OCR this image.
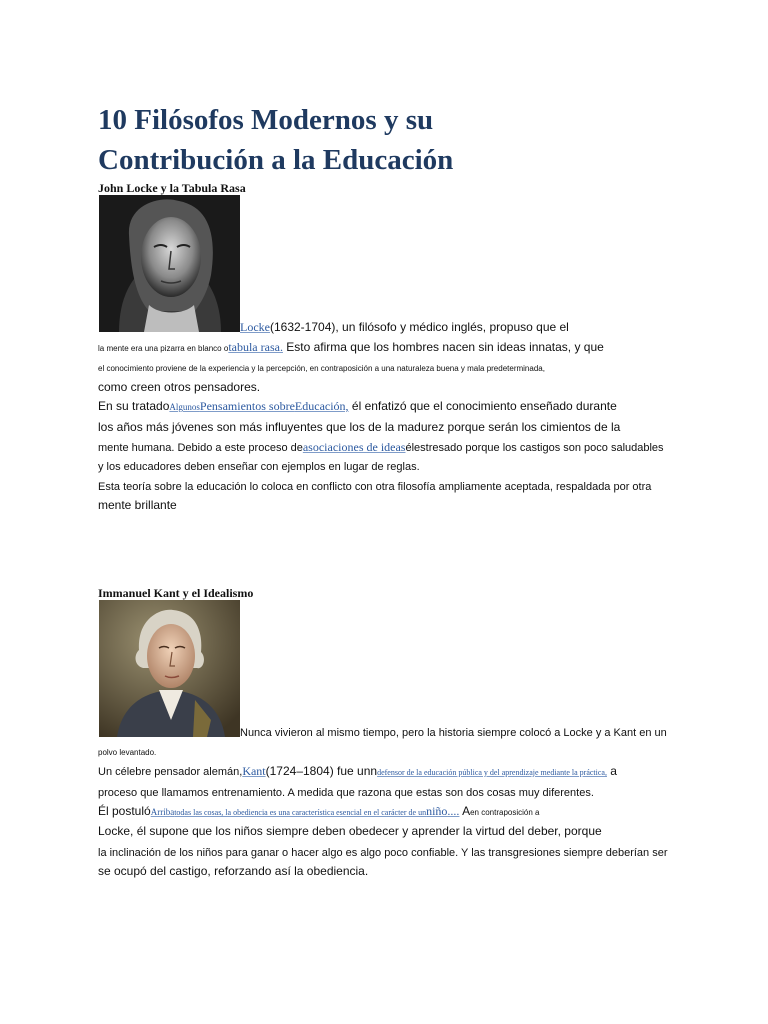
10 Filósofos Modernos y su
Contribución a la Educación
John Locke y la Tabula Rasa
Locke(1632-1704), un filósofo y médico inglés, propuso que el
la mente era una pizarra en blanco otabula rasa. Esto afirma que los hombres nacen sin ideas innatas, y que
el conocimiento proviene de la experiencia y la percepción, en contraposición a una naturaleza buena y mala predeterminada,
como creen otros pensadores.
En su tratadoAlgunosPensamientos sobreEducación, él enfatizó que el conocimiento enseñado durante
los años más jóvenes son más influyentes que los de la madurez porque serán los cimientos de la
mente humana. Debido a este proceso deasociaciones de ideasélestresado porque los castigos son poco saludables
y los educadores deben enseñar con ejemplos en lugar de reglas.
Esta teoría sobre la educación lo coloca en conflicto con otra filosofía ampliamente aceptada, respaldada por otra
mente brillante
Immanuel Kant y el Idealismo
Nunca vivieron al mismo tiempo, pero la historia siempre colocó a Locke y a Kant en un
polvo levantado.
Un célebre pensador alemán,Kant(1724–1804) fue unndefensor de la educación pública y del aprendizaje mediante la práctica, a
proceso que llamamos entrenamiento. A medida que razona que estas son dos cosas muy diferentes.
Él postulóArribatodas las cosas, la obediencia es una característica esencial en el carácter de unniño.... Aen contraposición a
Locke, él supone que los niños siempre deben obedecer y aprender la virtud del deber, porque
la inclinación de los niños para ganar o hacer algo es algo poco confiable. Y las transgresiones siempre deberían ser
se ocupó del castigo, reforzando así la obediencia.
